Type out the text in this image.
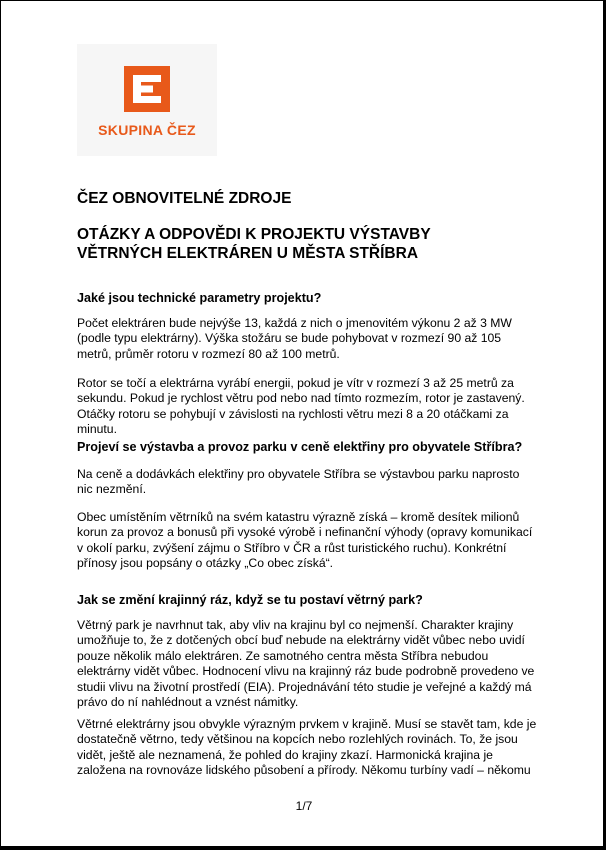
SKUPINA ČEZ
ČEZ OBNOVITELNÉ ZDROJE
OTÁZKY A ODPOVĚDI K PROJEKTU VÝSTAVBY
VĚTRNÝCH ELEKTRÁREN U MĚSTA STŘÍBRA
Jaké jsou technické parametry projektu?

Počet elektráren bude nejvýše 13, každá z nich o jmenovitém výkonu 2 až 3 MW (podle typu elektrárny). Výška stožáru se bude pohybovat v rozmezí 90 až 105 metrů, průměr rotoru v rozmezí 80 až 100 metrů.

Rotor se točí a elektrárna vyrábí energii, pokud je vítr v rozmezí 3 až 25 metrů za sekundu. Pokud je rychlost větru pod nebo nad tímto rozmezím, rotor je zastavený. Otáčky rotoru se pohybují v závislosti na rychlosti větru mezi 8 a 20 otáčkami za minutu.

Projeví se výstavba a provoz parku v ceně elektřiny pro obyvatele Stříbra?

Na ceně a dodávkách elektřiny pro obyvatele Stříbra se výstavbou parku naprosto nic nezmění.

Obec umístěním větrníků na svém katastru výrazně získá – kromě desítek milionů korun za provoz a bonusů při vysoké výrobě i nefinanční výhody (opravy komunikací v okolí parku, zvýšení zájmu o Stříbro v ČR a růst turistického ruchu). Konkrétní přínosy jsou popsány o otázky „Co obec získá“.

Jak se změní krajinný ráz, když se tu postaví větrný park?

Větrný park je navrhnut tak, aby vliv na krajinu byl co nejmenší. Charakter krajiny umožňuje to, že z dotčených obcí buď nebude na elektrárny vidět vůbec nebo uvidí pouze několik málo elektráren. Ze samotného centra města Stříbra nebudou elektrárny vidět vůbec. Hodnocení vlivu na krajinný ráz bude podrobně provedeno ve studii vlivu na životní prostředí (EIA). Projednávání této studie je veřejné a každý má právo do ní nahlédnout a vznést námitky.

Větrné elektrárny jsou obvykle výrazným prvkem v krajině. Musí se stavět tam, kde je dostatečně větrno, tedy většinou na kopcích nebo rozlehlých rovinách. To, že jsou vidět, ještě ale neznamená, že pohled do krajiny zkazí. Harmonická krajina je založena na rovnováze lidského působení a přírody. Někomu turbíny vadí – někomu

1/7
